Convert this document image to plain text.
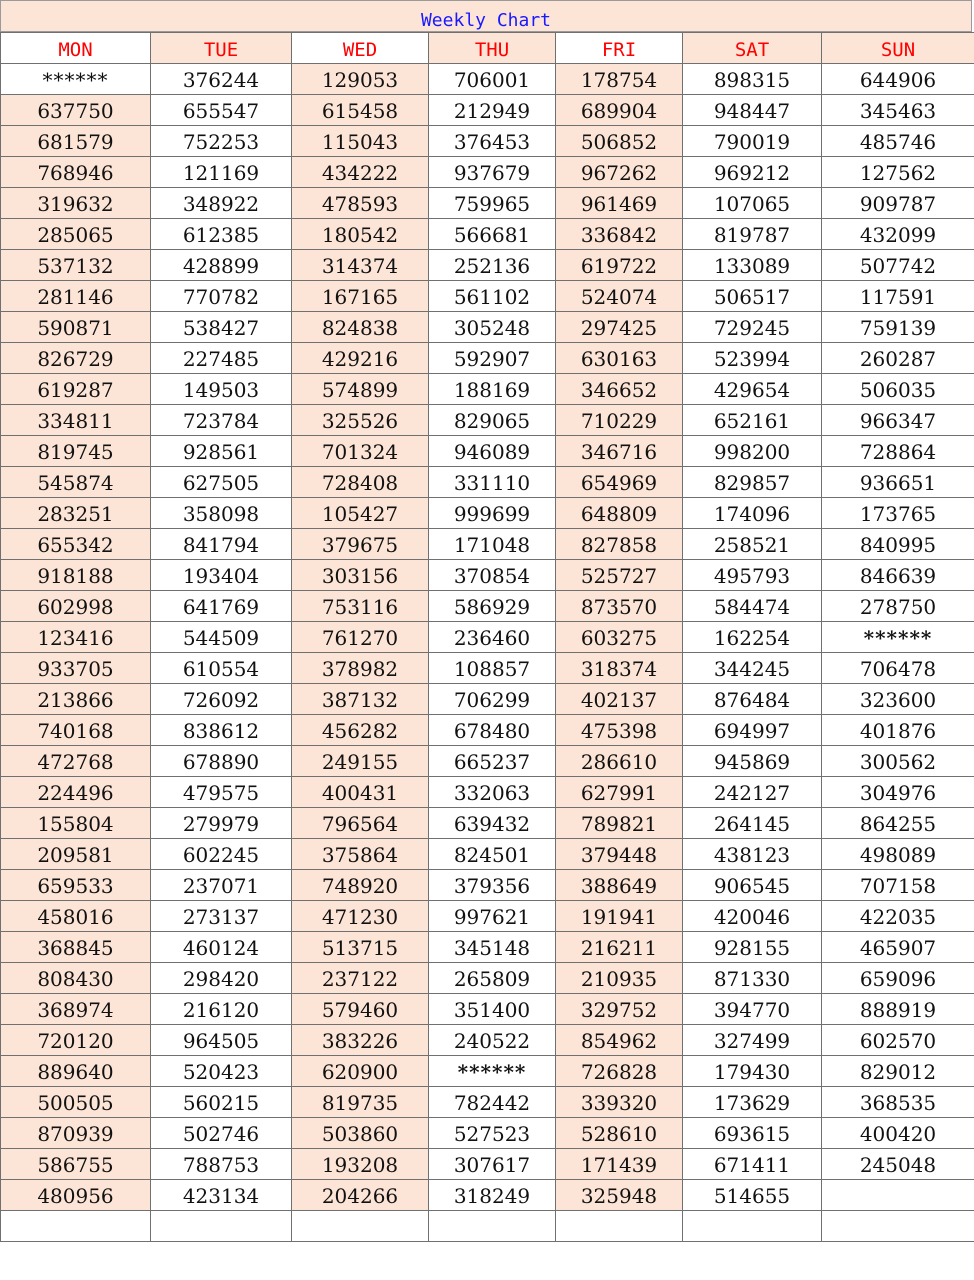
Weekly Chart
MON	TUE	WED	THU	FRI	SAT	SUN
******	376244	129053	706001	178754	898315	644906
637750	655547	615458	212949	689904	948447	345463
681579	752253	115043	376453	506852	790019	485746
768946	121169	434222	937679	967262	969212	127562
319632	348922	478593	759965	961469	107065	909787
285065	612385	180542	566681	336842	819787	432099
537132	428899	314374	252136	619722	133089	507742
281146	770782	167165	561102	524074	506517	117591
590871	538427	824838	305248	297425	729245	759139
826729	227485	429216	592907	630163	523994	260287
619287	149503	574899	188169	346652	429654	506035
334811	723784	325526	829065	710229	652161	966347
819745	928561	701324	946089	346716	998200	728864
545874	627505	728408	331110	654969	829857	936651
283251	358098	105427	999699	648809	174096	173765
655342	841794	379675	171048	827858	258521	840995
918188	193404	303156	370854	525727	495793	846639
602998	641769	753116	586929	873570	584474	278750
123416	544509	761270	236460	603275	162254	******
933705	610554	378982	108857	318374	344245	706478
213866	726092	387132	706299	402137	876484	323600
740168	838612	456282	678480	475398	694997	401876
472768	678890	249155	665237	286610	945869	300562
224496	479575	400431	332063	627991	242127	304976
155804	279979	796564	639432	789821	264145	864255
209581	602245	375864	824501	379448	438123	498089
659533	237071	748920	379356	388649	906545	707158
458016	273137	471230	997621	191941	420046	422035
368845	460124	513715	345148	216211	928155	465907
808430	298420	237122	265809	210935	871330	659096
368974	216120	579460	351400	329752	394770	888919
720120	964505	383226	240522	854962	327499	602570
889640	520423	620900	******	726828	179430	829012
500505	560215	819735	782442	339320	173629	368535
870939	502746	503860	527523	528610	693615	400420
586755	788753	193208	307617	171439	671411	245048
480956	423134	204266	318249	325948	514655	
